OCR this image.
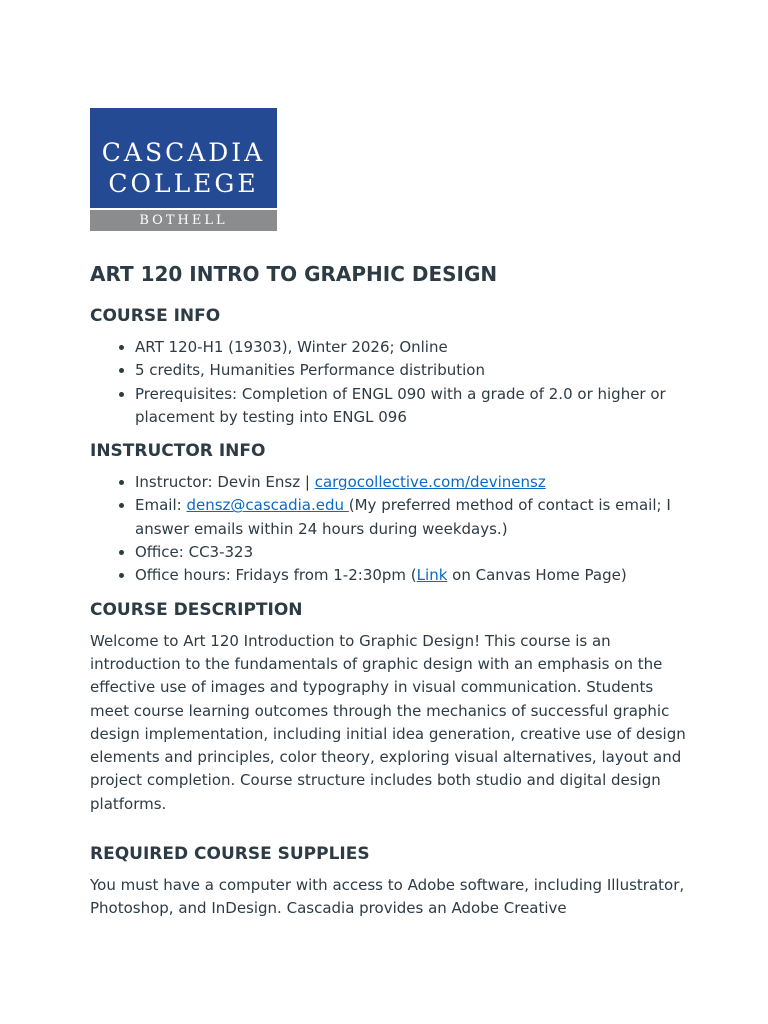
CASCADIA
COLLEGE
BOTHELL
ART 120 INTRO TO GRAPHIC DESIGN
COURSE INFO
• ART 120-H1 (19303), Winter 2026; Online
• 5 credits, Humanities Performance distribution
• Prerequisites: Completion of ENGL 090 with a grade of 2.0 or higher or placement by testing into ENGL 096
INSTRUCTOR INFO
• Instructor: Devin Ensz | cargocollective.com/devinensz
• Email: densz@cascadia.edu (My preferred method of contact is email; I answer emails within 24 hours during weekdays.)
• Office: CC3-323
• Office hours: Fridays from 1-2:30pm (Link on Canvas Home Page)
COURSE DESCRIPTION

Welcome to Art 120 Introduction to Graphic Design! This course is an introduction to the fundamentals of graphic design with an emphasis on the effective use of images and typography in visual communication. Students meet course learning outcomes through the mechanics of successful graphic design implementation, including initial idea generation, creative use of design elements and principles, color theory, exploring visual alternatives, layout and project completion. Course structure includes both studio and digital design platforms.

REQUIRED COURSE SUPPLIES

You must have a computer with access to Adobe software, including Illustrator, Photoshop, and InDesign. Cascadia provides an Adobe Creative
